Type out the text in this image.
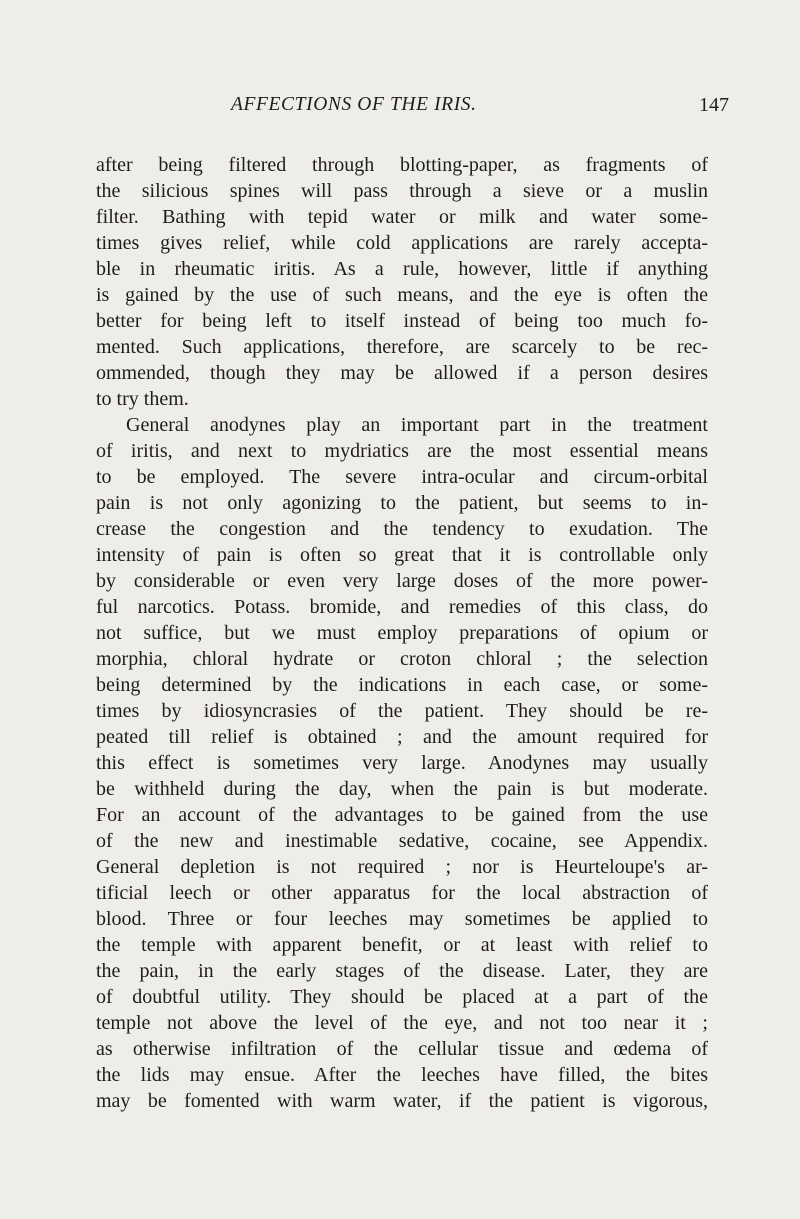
AFFECTIONS OF THE IRIS.	147
after being filtered through blotting-paper, as fragments of
the silicious spines will pass through a sieve or a muslin
filter. Bathing with tepid water or milk and water some-
times gives relief, while cold applications are rarely accepta-
ble in rheumatic iritis. As a rule, however, little if anything
is gained by the use of such means, and the eye is often the
better for being left to itself instead of being too much fo-
mented. Such applications, therefore, are scarcely to be rec-
ommended, though they may be allowed if a person desires
to try them.
General anodynes play an important part in the treatment
of iritis, and next to mydriatics are the most essential means
to be employed. The severe intra-ocular and circum-orbital
pain is not only agonizing to the patient, but seems to in-
crease the congestion and the tendency to exudation. The
intensity of pain is often so great that it is controllable only
by considerable or even very large doses of the more power-
ful narcotics. Potass. bromide, and remedies of this class, do
not suffice, but we must employ preparations of opium or
morphia, chloral hydrate or croton chloral ; the selection
being determined by the indications in each case, or some-
times by idiosyncrasies of the patient. They should be re-
peated till relief is obtained ; and the amount required for
this effect is sometimes very large. Anodynes may usually
be withheld during the day, when the pain is but moderate.
For an account of the advantages to be gained from the use
of the new and inestimable sedative, cocaine, see Appendix.
General depletion is not required ; nor is Heurteloupe's ar-
tificial leech or other apparatus for the local abstraction of
blood. Three or four leeches may sometimes be applied to
the temple with apparent benefit, or at least with relief to
the pain, in the early stages of the disease. Later, they are
of doubtful utility. They should be placed at a part of the
temple not above the level of the eye, and not too near it ;
as otherwise infiltration of the cellular tissue and œdema of
the lids may ensue. After the leeches have filled, the bites
may be fomented with warm water, if the patient is vigorous,
